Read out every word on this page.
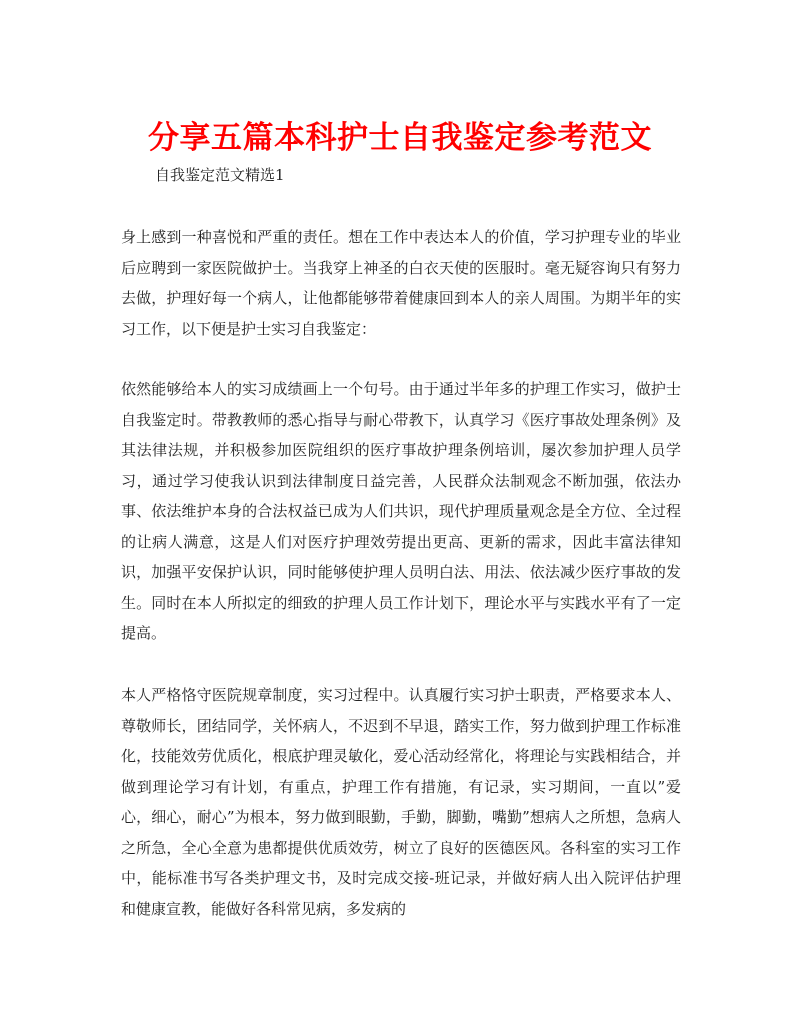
分享五篇本科护士自我鉴定参考范文

自我鉴定范文精选1

身上感到一种喜悦和严重的责任。想在工作中表达本人的价值，学习护理专业的毕业后应聘到一家医院做护士。当我穿上神圣的白衣天使的医服时。毫无疑容询只有努力去做，护理好每一个病人，让他都能够带着健康回到本人的亲人周围。为期半年的实习工作，以下便是护士实习自我鉴定：

依然能够给本人的实习成绩画上一个句号。由于通过半年多的护理工作实习，做护士自我鉴定时。带教教师的悉心指导与耐心带教下，认真学习《医疗事故处理条例》及其法律法规，并积极参加医院组织的医疗事故护理条例培训，屡次参加护理人员学习，通过学习使我认识到法律制度日益完善，人民群众法制观念不断加强，依法办事、依法维护本身的合法权益已成为人们共识，现代护理质量观念是全方位、全过程的让病人满意，这是人们对医疗护理效劳提出更高、更新的需求，因此丰富法律知识，加强平安保护认识，同时能够使护理人员明白法、用法、依法减少医疗事故的发生。同时在本人所拟定的细致的护理人员工作计划下，理论水平与实践水平有了一定提高。

本人严格恪守医院规章制度，实习过程中。认真履行实习护士职责，严格要求本人、尊敬师长，团结同学，关怀病人，不迟到不早退，踏实工作，努力做到护理工作标准化，技能效劳优质化，根底护理灵敏化，爱心活动经常化，将理论与实践相结合，并做到理论学习有计划，有重点，护理工作有措施，有记录，实习期间，一直以”爱心，细心，耐心”为根本，努力做到眼勤，手勤，脚勤，嘴勤”想病人之所想，急病人之所急，全心全意为患都提供优质效劳，树立了良好的医德医风。各科室的实习工作中，能标准书写各类护理文书，及时完成交接-班记录，并做好病人出入院评估护理和健康宣教，能做好各科常见病，多发病的
